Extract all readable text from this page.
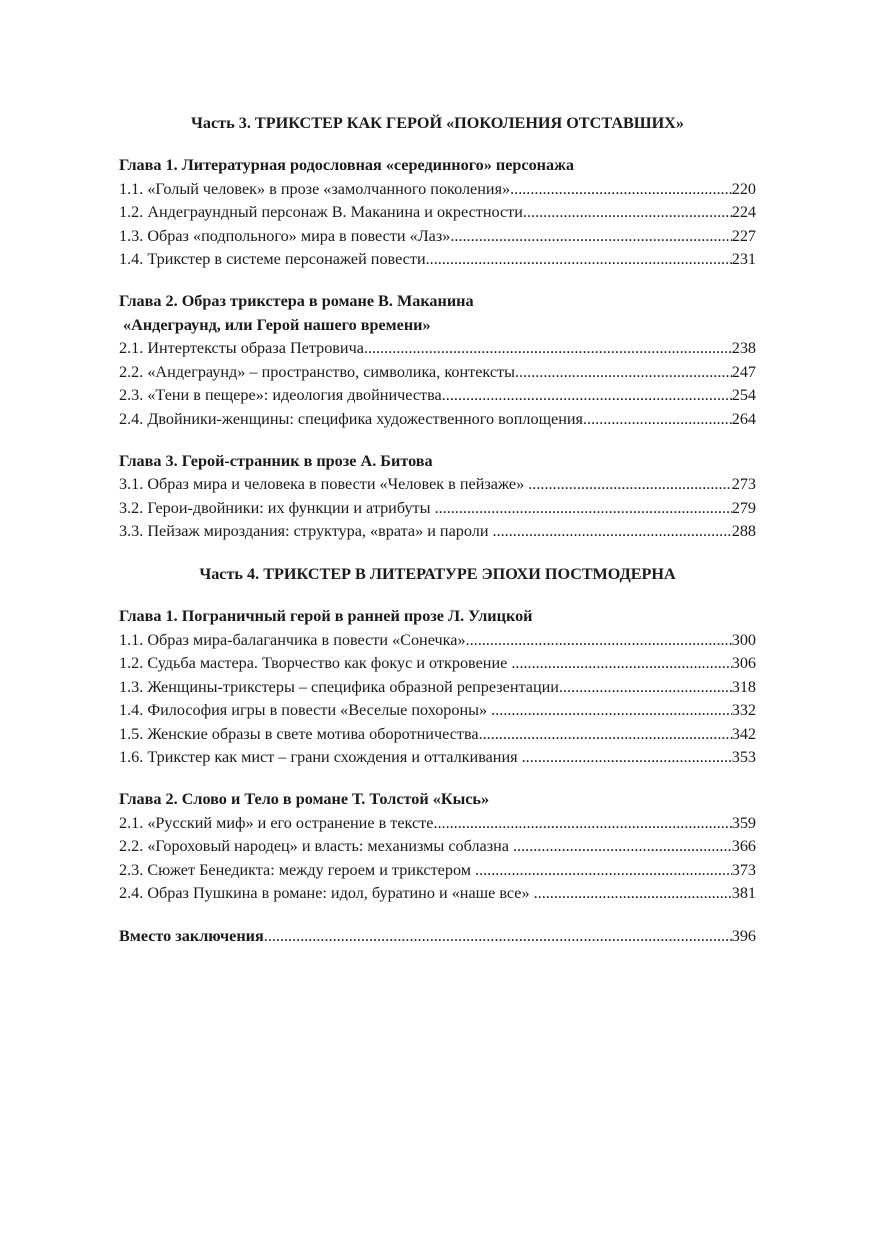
Часть 3. ТРИКСТЕР КАК ГЕРОЙ «ПОКОЛЕНИЯ ОТСТАВШИХ»
Глава 1. Литературная родословная «серединного» персонажа
1.1. «Голый человек» в прозе «замолчанного поколения» .....	220
1.2. Андеграундный персонаж В. Маканина и окрестности .....	224
1.3. Образ «подпольного» мира в повести «Лаз» .....	227
1.4. Трикстер в системе персонажей повести .....	231
Глава 2. Образ трикстера в романе В. Маканина
«Андеграунд, или Герой нашего времени»
2.1. Интертексты образа Петровича .....	238
2.2. «Андеграунд» – пространство, символика, контексты .....	247
2.3. «Тени в пещере»: идеология двойничества .....	254
2.4. Двойники-женщины: специфика художественного воплощения .....	264
Глава 3. Герой-странник в прозе А. Битова
3.1. Образ мира и человека в повести «Человек в пейзаже» .....	273
3.2. Герои-двойники: их функции и атрибуты .....	279
3.3. Пейзаж мироздания: структура, «врата» и пароли .....	288
Часть 4. ТРИКСТЕР В ЛИТЕРАТУРЕ ЭПОХИ ПОСТМОДЕРНА
Глава 1. Пограничный герой в ранней прозе Л. Улицкой
1.1. Образ мира-балаганчика в повести «Сонечка» .....	300
1.2. Судьба мастера. Творчество как фокус и откровение .....	306
1.3. Женщины-трикстеры – специфика образной репрезентации .....	318
1.4. Философия игры в повести «Веселые похороны» .....	332
1.5. Женские образы в свете мотива оборотничества .....	342
1.6. Трикстер как мист – грани схождения и отталкивания .....	353
Глава 2. Слово и Тело в романе Т. Толстой «Кысь»
2.1. «Русский миф» и его остранение в тексте .....	359
2.2. «Гороховый народец» и власть: механизмы соблазна .....	366
2.3. Сюжет Бенедикта: между героем и трикстером .....	373
2.4. Образ Пушкина в романе: идол, буратино и «наше все» .....	381
Вместо заключения .....	396
